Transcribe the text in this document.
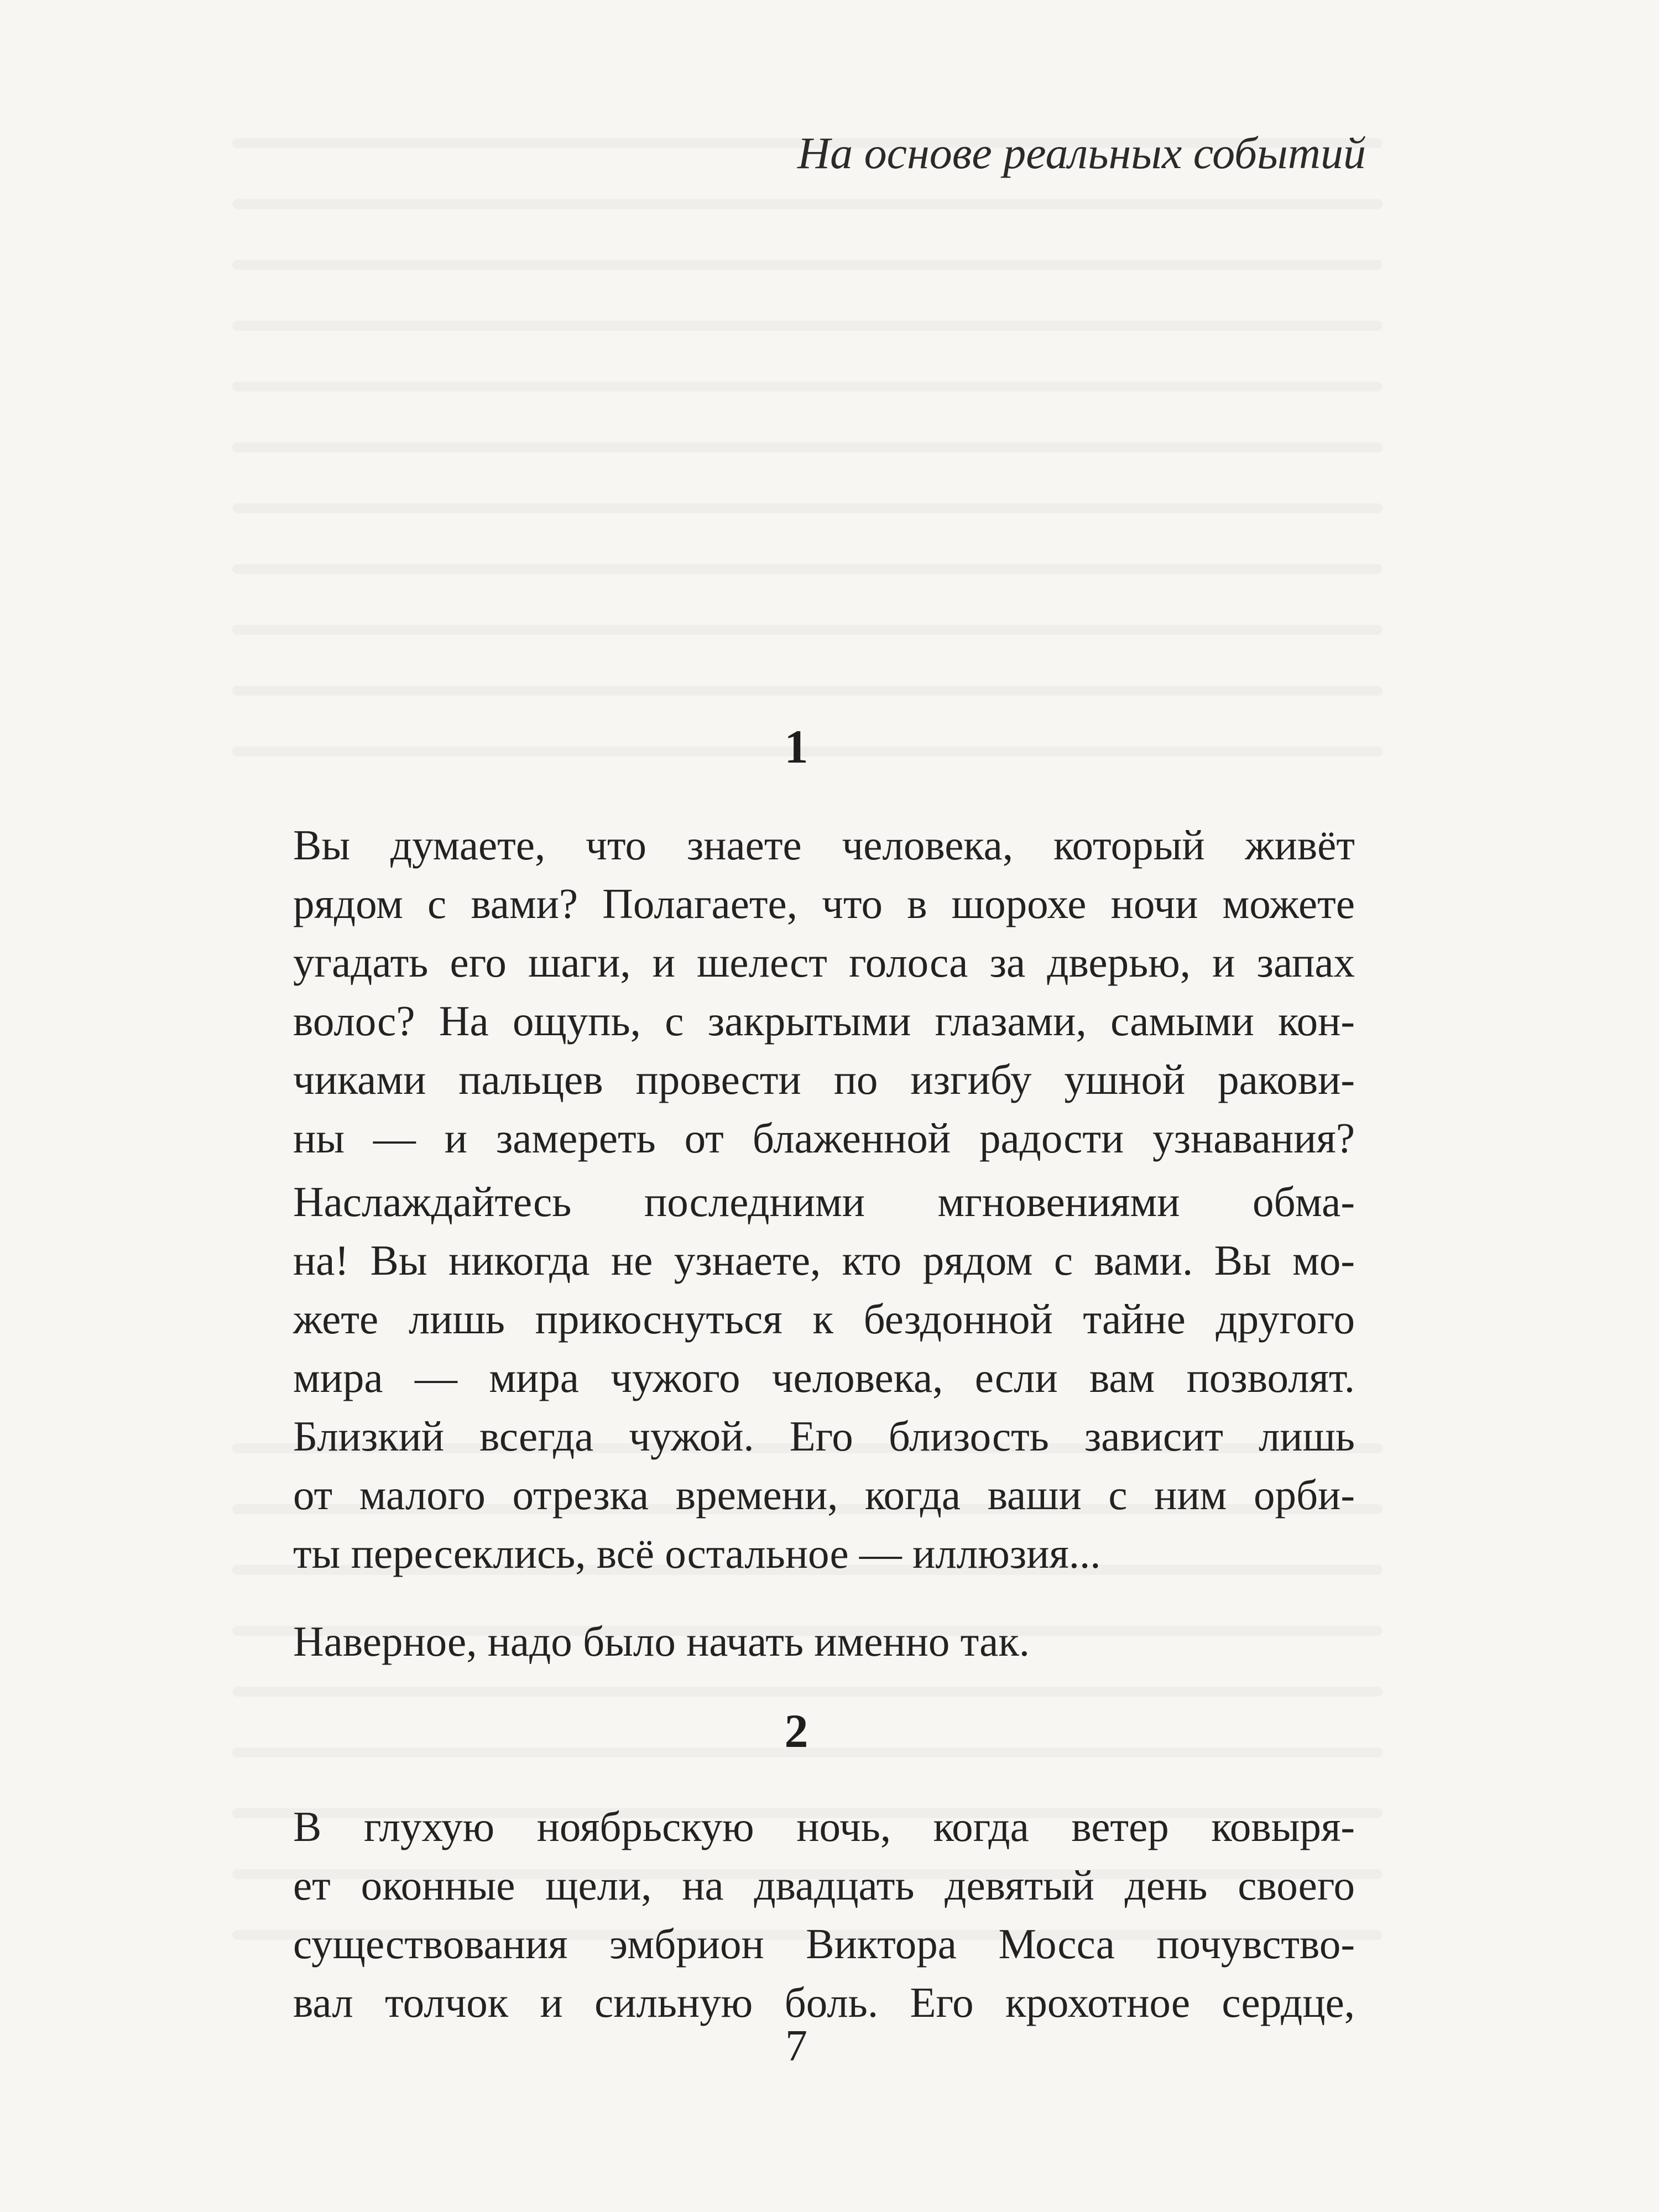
На основе реальных событий
1
Вы думаете, что знаете человека, который живёт
рядом с вами? Полагаете, что в шорохе ночи можете
угадать его шаги, и шелест голоса за дверью, и запах
волос? На ощупь, с закрытыми глазами, самыми кон-
чиками пальцев провести по изгибу ушной ракови-
ны — и замереть от блаженной радости узнавания?
Наслаждайтесь последними мгновениями обма-
на! Вы никогда не узнаете, кто рядом с вами. Вы мо-
жете лишь прикоснуться к бездонной тайне другого
мира — мира чужого человека, если вам позволят.
Близкий всегда чужой. Его близость зависит лишь
от малого отрезка времени, когда ваши с ним орби-
ты пересеклись, всё остальное — иллюзия...
Наверное, надо было начать именно так.
2
В глухую ноябрьскую ночь, когда ветер ковыря-
ет оконные щели, на двадцать девятый день своего
существования эмбрион Виктора Мосса почувство-
вал толчок и сильную боль. Его крохотное сердце,
7
